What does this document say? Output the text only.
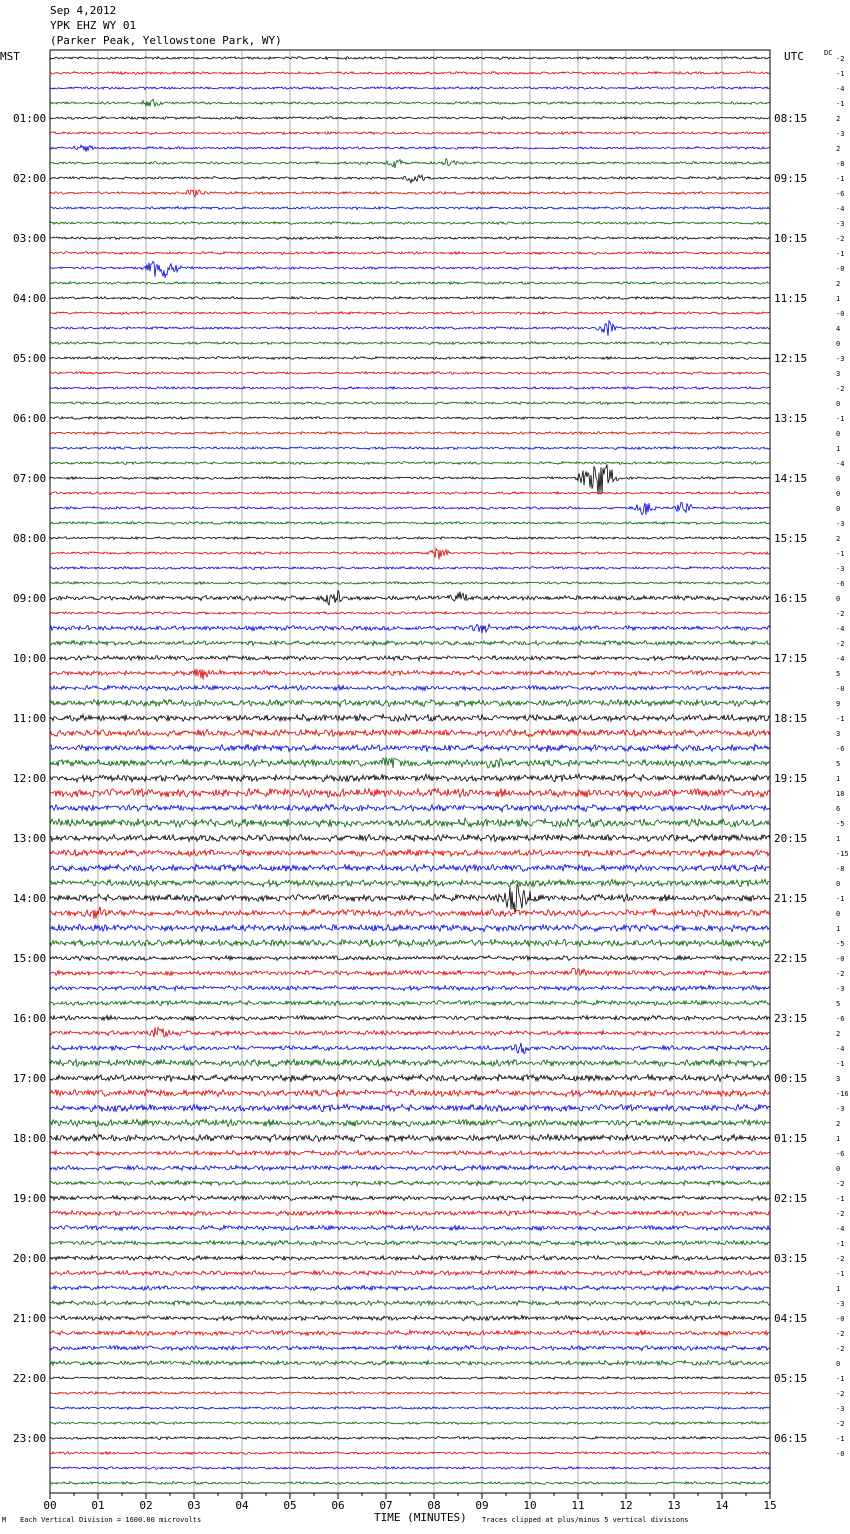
Sep 4,2012
YPK EHZ WY 01
(Parker Peak, Yellowstone Park, WY)
MST	UTC	DC
00	01	02	03	04	05	06	07	08	09	10	11	12	13	14	15
-2
-1
-4
-1
2
-3
2
-8
-1
-6
-4
-3
-2
-1
-0
2
1
-0
4
0
-3
3
-2
0
-1
0
1
-4
0
0
0
-3
2
-1
-3
-6
0
-2
-4
-2
-4
5
-0
9
-1
3
-6
5
1
18
6
-5
1
-15
-8
0
-1
0
1
-5
-0
-2
-3
5
-6
2
-4
-1
3
-16
-3
2
1
-6
0
-2
-1
-2
-4
-1
-2
-1
1
-3
-0
-2
-2
0
-1
-2
-3
-2
-1
-0
01:00
02:00
03:00
04:00
05:00
06:00
07:00
08:00
09:00
10:00
11:00
12:00
13:00
14:00
15:00
16:00
17:00
18:00
19:00
20:00
21:00
22:00
23:00
08:15
09:15
10:15
11:15
12:15
13:15
14:15
15:15
16:15
17:15
18:15
19:15
20:15
21:15
22:15
23:15
00:15
01:15
02:15
03:15
04:15
05:15
06:15
M Each Vertical Division = 1600.00 microvolts	TIME (MINUTES) Traces clipped at plus/minus 5 vertical divisions
